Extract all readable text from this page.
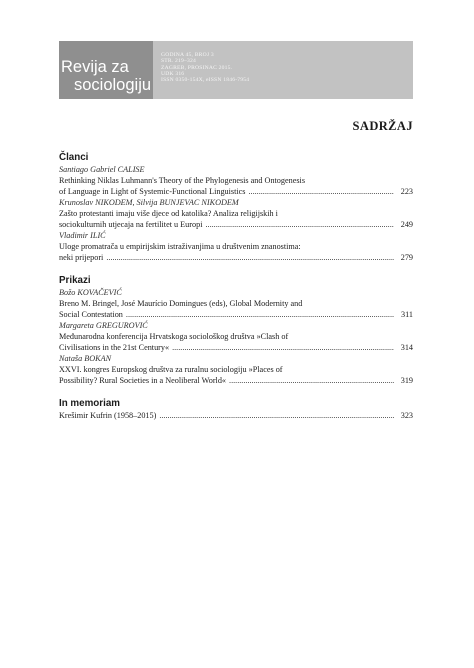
Revija za
sociologiju
GODINA 45, BROJ 3
STR. 219–324
ZAGREB, PROSINAC 2015.
UDK 316
ISSN 0350-154X, eISSN 1846-7954
SADRŽAJ
Članci
Santiago Gabriel CALISE
Rethinking Niklas Luhmann's Theory of the Phylogenesis and Ontogenesis
of Language in Light of Systemic-Functional Linguistics .....	223
Krunoslav NIKODEM, Silvija BUNJEVAC NIKODEM
Zašto protestanti imaju više djece od katolika? Analiza religijskih i
sociokulturnih utjecaja na fertilitet u Europi .....	249
Vladimir ILIĆ
Uloge promatrača u empirijskim istraživanjima u društvenim znanostima:
neki prijepori .....	279
Prikazi
Božo KOVAČEVIĆ
Breno M. Bringel, José Maurício Domingues (eds), Global Modernity and
Social Contestation .....	311
Margareta GREGUROVIĆ
Međunarodna konferencija Hrvatskoga sociološkog društva »Clash of
Civilisations in the 21st Century« .....	314
Nataša BOKAN
XXVI. kongres Europskog društva za ruralnu sociologiju »Places of
Possibility? Rural Societies in a Neoliberal World« .....	319
In memoriam
Krešimir Kufrin (1958–2015) .....	323
